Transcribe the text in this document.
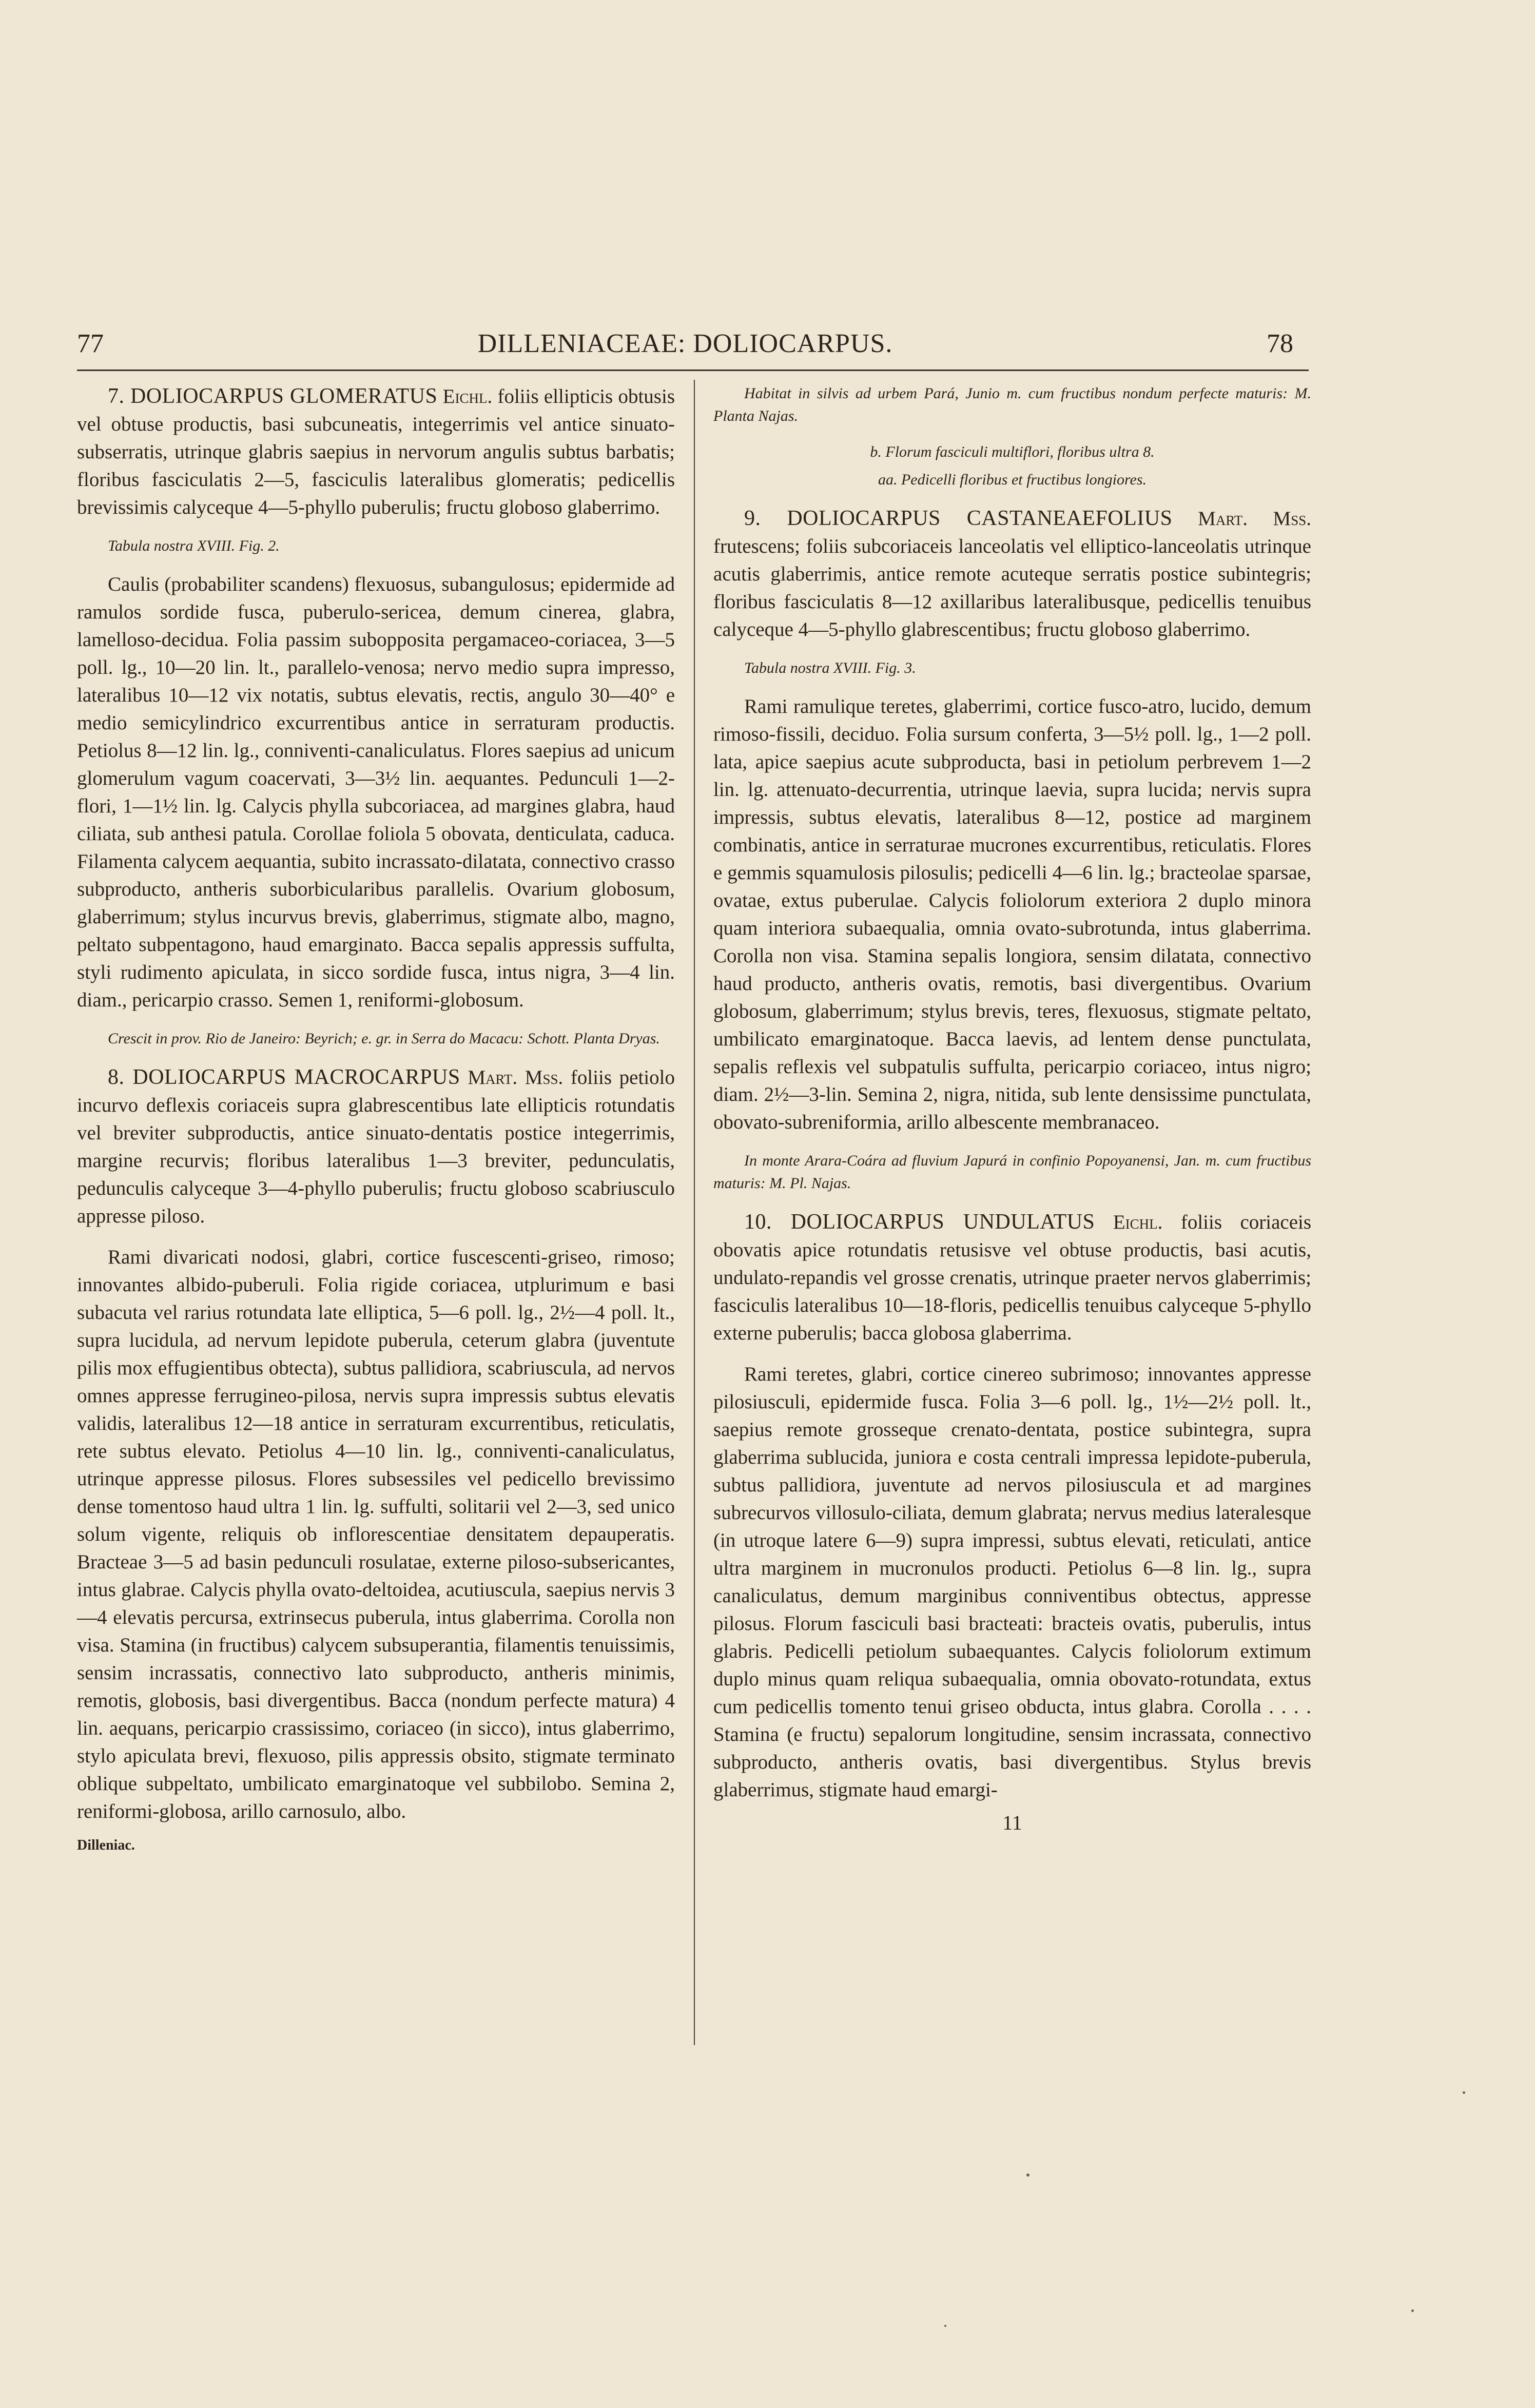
77	DILLENIACEAE: DOLIOCARPUS.	78

7. DOLIOCARPUS GLOMERATUS Eichl. foliis ellipticis obtusis vel obtuse productis, basi subcuneatis, integerrimis vel antice sinuato-subserratis, utrinque glabris saepius in nervorum angulis subtus barbatis; floribus fasciculatis 2—5, fasciculis lateralibus glomeratis; pedicellis brevissimis calyceque 4—5-phyllo puberulis; fructu globoso glaberrimo.

Tabula nostra XVIII. Fig. 2.

Caulis (probabiliter scandens) flexuosus, subangulosus; epidermide ad ramulos sordide fusca, puberulo-sericea, demum cinerea, glabra, lamelloso-decidua. Folia passim subopposita pergamaceo-coriacea, 3—5 poll. lg., 10—20 lin. lt., parallelo-venosa; nervo medio supra impresso, lateralibus 10—12 vix notatis, subtus elevatis, rectis, angulo 30—40° e medio semicylindrico excurrentibus antice in serraturam productis. Petiolus 8—12 lin. lg., conniventi-canaliculatus. Flores saepius ad unicum glomerulum vagum coacervati, 3—3½ lin. aequantes. Pedunculi 1—2-flori, 1—1½ lin. lg. Calycis phylla subcoriacea, ad margines glabra, haud ciliata, sub anthesi patula. Corollae foliola 5 obovata, denticulata, caduca. Filamenta calycem aequantia, subito incrassato-dilatata, connectivo crasso subproducto, antheris suborbicularibus parallelis. Ovarium globosum, glaberrimum; stylus incurvus brevis, glaberrimus, stigmate albo, magno, peltato subpentagono, haud emarginato. Bacca sepalis appressis suffulta, styli rudimento apiculata, in sicco sordide fusca, intus nigra, 3—4 lin. diam., pericarpio crasso. Semen 1, reniformi-globosum.

Crescit in prov. Rio de Janeiro: Beyrich; e. gr. in Serra do Macacu: Schott. Planta Dryas.

8. DOLIOCARPUS MACROCARPUS Mart. Mss. foliis petiolo incurvo deflexis coriaceis supra glabrescentibus late ellipticis rotundatis vel breviter subproductis, antice sinuato-dentatis postice integerrimis, margine recurvis; floribus lateralibus 1—3 breviter, pedunculatis, pedunculis calyceque 3—4-phyllo puberulis; fructu globoso scabriusculo appresse piloso.

Rami divaricati nodosi, glabri, cortice fuscescenti-griseo, rimoso; innovantes albido-puberuli. Folia rigide coriacea, utplurimum e basi subacuta vel rarius rotundata late elliptica, 5—6 poll. lg., 2½—4 poll. lt., supra lucidula, ad nervum lepidote puberula, ceterum glabra (juventute pilis mox effugientibus obtecta), subtus pallidiora, scabriuscula, ad nervos omnes appresse ferrugineo-pilosa, nervis supra impressis subtus elevatis validis, lateralibus 12—18 antice in serraturam excurrentibus, reticulatis, rete subtus elevato. Petiolus 4—10 lin. lg., conniventi-canaliculatus, utrinque appresse pilosus. Flores subsessiles vel pedicello brevissimo dense tomentoso haud ultra 1 lin. lg. suffulti, solitarii vel 2—3, sed unico solum vigente, reliquis ob inflorescentiae densitatem depauperatis. Bracteae 3—5 ad basin pedunculi rosulatae, externe piloso-subsericantes, intus glabrae. Calycis phylla ovato-deltoidea, acutiuscula, saepius nervis 3—4 elevatis percursa, extrinsecus puberula, intus glaberrima. Corolla non visa. Stamina (in fructibus) calycem subsuperantia, filamentis tenuissimis, sensim incrassatis, connectivo lato subproducto, antheris minimis, remotis, globosis, basi divergentibus. Bacca (nondum perfecte matura) 4 lin. aequans, pericarpio crassissimo, coriaceo (in sicco), intus glaberrimo, stylo apiculata brevi, flexuoso, pilis appressis obsito, stigmate terminato oblique subpeltato, umbilicato emarginatoque vel subbilobo. Semina 2, reniformi-globosa, arillo carnosulo, albo.

Dilleniac.

Habitat in silvis ad urbem Pará, Junio m. cum fructibus nondum perfecte maturis: M. Planta Najas.

b. Florum fasciculi multiflori, floribus ultra 8.

aa. Pedicelli floribus et fructibus longiores.

9. DOLIOCARPUS CASTANEAEFOLIUS Mart. Mss. frutescens; foliis subcoriaceis lanceolatis vel elliptico-lanceolatis utrinque acutis glaberrimis, antice remote acuteque serratis postice subintegris; floribus fasciculatis 8—12 axillaribus lateralibusque, pedicellis tenuibus calyceque 4—5-phyllo glabrescentibus; fructu globoso glaberrimo.

Tabula nostra XVIII. Fig. 3.

Rami ramulique teretes, glaberrimi, cortice fusco-atro, lucido, demum rimoso-fissili, deciduo. Folia sursum conferta, 3—5½ poll. lg., 1—2 poll. lata, apice saepius acute subproducta, basi in petiolum perbrevem 1—2 lin. lg. attenuato-decurrentia, utrinque laevia, supra lucida; nervis supra impressis, subtus elevatis, lateralibus 8—12, postice ad marginem combinatis, antice in serraturae mucrones excurrentibus, reticulatis. Flores e gemmis squamulosis pilosulis; pedicelli 4—6 lin. lg.; bracteolae sparsae, ovatae, extus puberulae. Calycis foliolorum exteriora 2 duplo minora quam interiora subaequalia, omnia ovato-subrotunda, intus glaberrima. Corolla non visa. Stamina sepalis longiora, sensim dilatata, connectivo haud producto, antheris ovatis, remotis, basi divergentibus. Ovarium globosum, glaberrimum; stylus brevis, teres, flexuosus, stigmate peltato, umbilicato emarginatoque. Bacca laevis, ad lentem dense punctulata, sepalis reflexis vel subpatulis suffulta, pericarpio coriaceo, intus nigro; diam. 2½—3-lin. Semina 2, nigra, nitida, sub lente densissime punctulata, obovato-subreniformia, arillo albescente membranaceo.

In monte Arara-Coára ad fluvium Japurá in confinio Popoyanensi, Jan. m. cum fructibus maturis: M. Pl. Najas.

10. DOLIOCARPUS UNDULATUS Eichl. foliis coriaceis obovatis apice rotundatis retusisve vel obtuse productis, basi acutis, undulato-repandis vel grosse crenatis, utrinque praeter nervos glaberrimis; fasciculis lateralibus 10—18-floris, pedicellis tenuibus calyceque 5-phyllo externe puberulis; bacca globosa glaberrima.

Rami teretes, glabri, cortice cinereo subrimoso; innovantes appresse pilosiusculi, epidermide fusca. Folia 3—6 poll. lg., 1½—2½ poll. lt., saepius remote grosseque crenato-dentata, postice subintegra, supra glaberrima sublucida, juniora e costa centrali impressa lepidote-puberula, subtus pallidiora, juventute ad nervos pilosiuscula et ad margines subrecurvos villosulo-ciliata, demum glabrata; nervus medius lateralesque (in utroque latere 6—9) supra impressi, subtus elevati, reticulati, antice ultra marginem in mucronulos producti. Petiolus 6—8 lin. lg., supra canaliculatus, demum marginibus conniventibus obtectus, appresse pilosus. Florum fasciculi basi bracteati: bracteis ovatis, puberulis, intus glabris. Pedicelli petiolum subaequantes. Calycis foliolorum extimum duplo minus quam reliqua subaequalia, omnia obovato-rotundata, extus cum pedicellis tomento tenui griseo obducta, intus glabra. Corolla . . . . Stamina (e fructu) sepalorum longitudine, sensim incrassata, connectivo subproducto, antheris ovatis, basi divergentibus. Stylus brevis glaberrimus, stigmate haud emargi-

11
